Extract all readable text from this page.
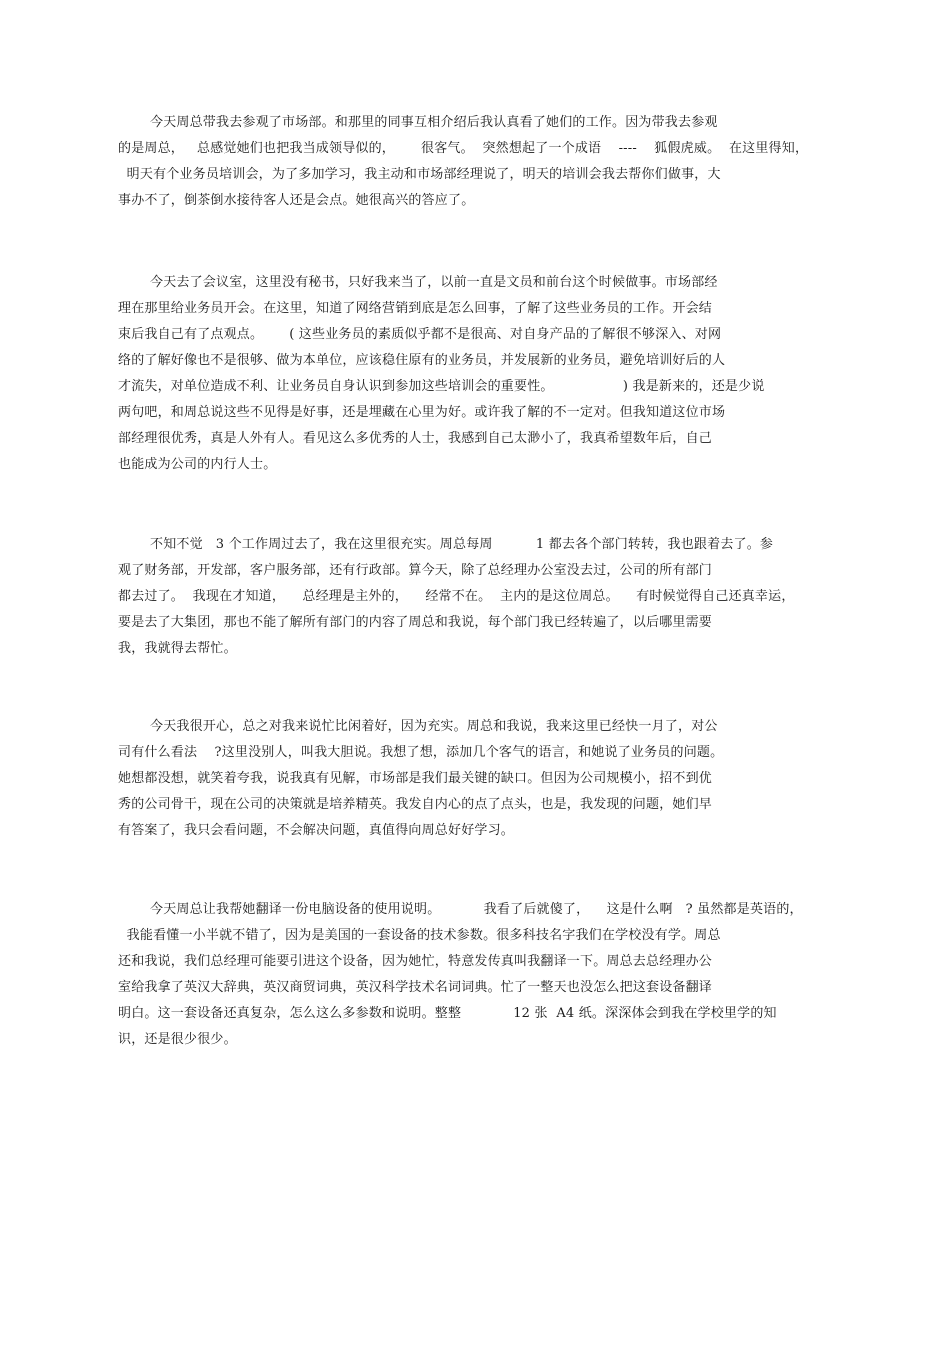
今天周总带我去参观了市场部。和那里的同事互相介绍后我认真看了她们的工作。因为带我去参观
的是周总，   总感觉她们也把我当成领导似的，      很客气。  突然想起了一个成语    ----    狐假虎威。  在这里得知，
明天有个业务员培训会，为了多加学习，我主动和市场部经理说了，明天的培训会我去帮你们做事，大
事办不了，倒茶倒水接待客人还是会点。她很高兴的答应了。
今天去了会议室，这里没有秘书，只好我来当了，以前一直是文员和前台这个时候做事。市场部经
理在那里给业务员开会。在这里，知道了网络营销到底是怎么回事，了解了这些业务员的工作。开会结
束后我自己有了点观点。      ( 这些业务员的素质似乎都不是很高、对自身产品的了解很不够深入、对网
络的了解好像也不是很够、做为本单位，应该稳住原有的业务员，并发展新的业务员，避免培训好后的人
才流失，对单位造成不利、让业务员自身认识到参加这些培训会的重要性。                ) 我是新来的，还是少说
两句吧，和周总说这些不见得是好事，还是埋藏在心里为好。或许我了解的不一定对。但我知道这位市场
部经理很优秀，真是人外有人。看见这么多优秀的人士，我感到自己太渺小了，我真希望数年后，自己
也能成为公司的内行人士。
不知不觉   3 个工作周过去了，我在这里很充实。周总每周          1 都去各个部门转转，我也跟着去了。参
观了财务部，开发部，客户服务部，还有行政部。算今天，除了总经理办公室没去过，公司的所有部门
都去过了。  我现在才知道，    总经理是主外的，    经常不在。  主内的是这位周总。    有时候觉得自己还真幸运，
要是去了大集团，那也不能了解所有部门的内容了周总和我说，每个部门我已经转遍了，以后哪里需要
我，我就得去帮忙。
今天我很开心，总之对我来说忙比闲着好，因为充实。周总和我说，我来这里已经快一月了，对公
司有什么看法    ?这里没别人，叫我大胆说。我想了想，添加几个客气的语言，和她说了业务员的问题。
她想都没想，就笑着夸我，说我真有见解，市场部是我们最关键的缺口。但因为公司规模小，招不到优
秀的公司骨干，现在公司的决策就是培养精英。我发自内心的点了点头，也是，我发现的问题，她们早
有答案了，我只会看问题，不会解决问题，真值得向周总好好学习。
今天周总让我帮她翻译一份电脑设备的使用说明。          我看了后就傻了，    这是什么啊   ? 虽然都是英语的，
我能看懂一小半就不错了，因为是美国的一套设备的技术参数。很多科技名字我们在学校没有学。周总
还和我说，我们总经理可能要引进这个设备，因为她忙，特意发传真叫我翻译一下。周总去总经理办公
室给我拿了英汉大辞典，英汉商贸词典，英汉科学技术名词词典。忙了一整天也没怎么把这套设备翻译
明白。这一套设备还真复杂，怎么这么多参数和说明。整整            12 张  A4 纸。深深体会到我在学校里学的知
识，还是很少很少。
